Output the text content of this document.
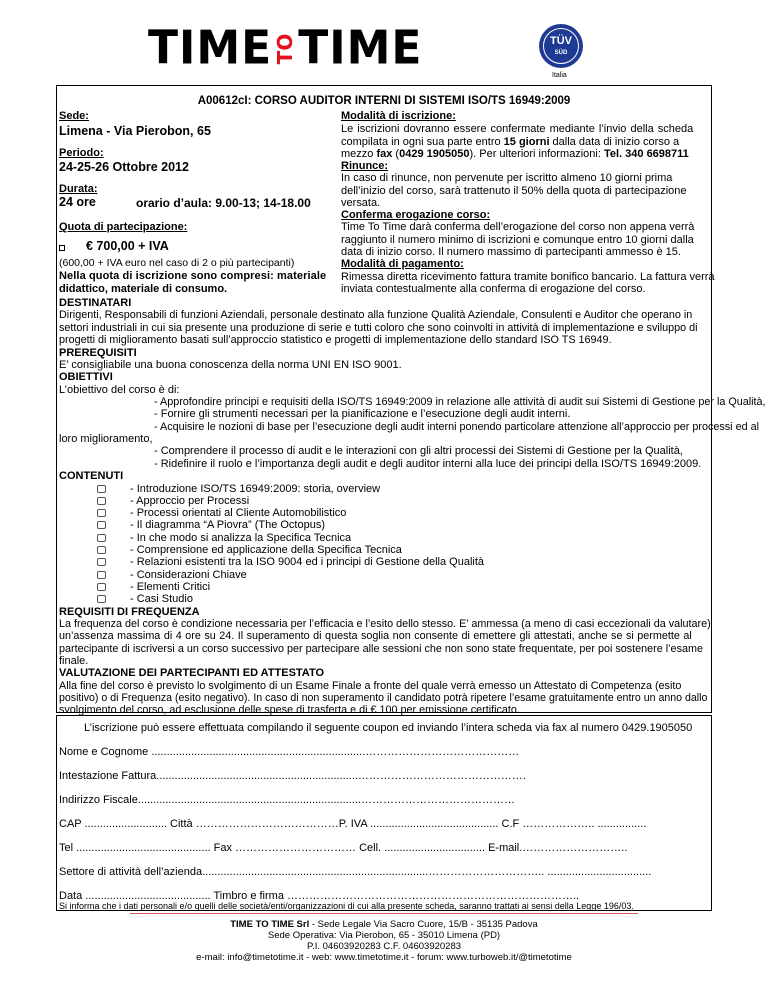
TIME TO TIME	TÜV
SÜD
Italia
A00612cI: CORSO AUDITOR INTERNI DI SISTEMI ISO/TS 16949:2009
Sede:
Limena - Via Pierobon, 65
Periodo:
24-25-26 Ottobre 2012
Durata:
24 ore	orario d’aula: 9.00-13; 14-18.00
Quota di partecipazione:
€ 700,00 + IVA
(600,00 + IVA euro nel caso di 2 o più partecipanti)
Nella quota di iscrizione sono compresi: materiale
didattico, materiale di consumo.
Modalità di iscrizione:
Le iscrizioni dovranno essere confermate mediante l’invio della scheda
compilata in ogni sua parte entro 15 giorni dalla data di inizio corso a
mezzo fax (0429 1905050). Per ulteriori informazioni: Tel. 340 6698711
Rinunce:
In caso di rinunce, non pervenute per iscritto almeno 10 giorni prima
dell’inizio del corso, sarà trattenuto il 50% della quota di partecipazione
versata.
Conferma erogazione corso:
Time To Time darà conferma dell’erogazione del corso non appena verrà
raggiunto il numero minimo di iscrizioni e comunque entro 10 giorni dalla
data di inizio corso. Il numero massimo di partecipanti ammesso è 15.
Modalità di pagamento:
Rimessa diretta ricevimento fattura tramite bonifico bancario. La fattura verrà
inviata contestualmente alla conferma di erogazione del corso.
DESTINATARI
Dirigenti, Responsabili di funzioni Aziendali, personale destinato alla funzione Qualità Aziendale, Consulenti e Auditor che operano in
settori industriali in cui sia presente una produzione di serie e tutti coloro che sono coinvolti in attività di implementazione e sviluppo di
progetti di miglioramento basati sull’approccio statistico e progetti di implementazione dello standard ISO TS 16949.
PREREQUISITI
E’ consigliabile una buona conoscenza della norma UNI EN ISO 9001.
OBIETTIVI
L’obiettivo del corso è di:
- Approfondire principi e requisiti della ISO/TS 16949:2009 in relazione alle attività di audit sui Sistemi di Gestione per la Qualità,
- Fornire gli strumenti necessari per la pianificazione e l’esecuzione degli audit interni.
- Acquisire le nozioni di base per l’esecuzione degli audit interni ponendo particolare attenzione all’approccio per processi ed al
loro miglioramento,
- Comprendere il processo di audit e le interazioni con gli altri processi dei Sistemi di Gestione per la Qualità,
- Ridefinire il ruolo e l’importanza degli audit e degli auditor interni alla luce dei principi della ISO/TS 16949:2009.
CONTENUTI
- Introduzione ISO/TS 16949:2009: storia, overview
- Approccio per Processi
- Processi orientati al Cliente Automobilistico
- Il diagramma “A Piovra” (The Octopus)
- In che modo si analizza la Specifica Tecnica
- Comprensione ed applicazione della Specifica Tecnica
- Relazioni esistenti tra la ISO 9004 ed i principi di Gestione della Qualità
- Considerazioni Chiave
- Elementi Critici
- Casi Studio
REQUISITI DI FREQUENZA
La frequenza del corso è condizione necessaria per l’efficacia e l’esito dello stesso. E’ ammessa (a meno di casi eccezionali da valutare)
un’assenza massima di 4 ore su 24. Il superamento di questa soglia non consente di emettere gli attestati, anche se si permette al
partecipante di iscriversi a un corso successivo per partecipare alle sessioni che non sono state frequentate, per poi sostenere l’esame
finale.
VALUTAZIONE DEI PARTECIPANTI ED ATTESTATO
Alla fine del corso è previsto lo svolgimento di un Esame Finale a fronte del quale verrà emesso un Attestato di Competenza (esito
positivo) o di Frequenza (esito negativo). In caso di non superamento il candidato potrà ripetere l’esame gratuitamente entro un anno dallo
svolgimento del corso, ad esclusione delle spese di trasferta e di € 100 per emissione certificato.
L’iscrizione può essere effettuata compilando il seguente coupon ed inviando l’intera scheda via fax al numero 0429.1905050
Nome e Cognome ......................................................................……………………………………
Intestazione Fattura..................................................................……………………………………….
Indirizzo Fiscale.........................................................................……………………………………
CAP ........................... Città …………………………………P. IVA .......................................... C.F ……………….. ................
Tel ............................................ Fax …………………………… Cell. ................................. E-mail.………………………..
Settore di attività dell’azienda..........................................................................………………………….. ..................................
Data ......................................... Timbro e firma ……………………………………………………………………..
Si informa che i dati personali e/o quelli delle società/enti/organizzazioni di cui alla presente scheda, saranno trattati ai sensi della Legge 196/03.
TIME TO TIME Srl - Sede Legale Via Sacro Cuore, 15/B - 35135 Padova
Sede Operativa: Via Pierobon, 65 - 35010 Limena (PD)
P.I. 04603920283 C.F. 04603920283
e-mail: info@timetotime.it - web: www.timetotime.it - forum: www.turboweb.it/@timetotime
